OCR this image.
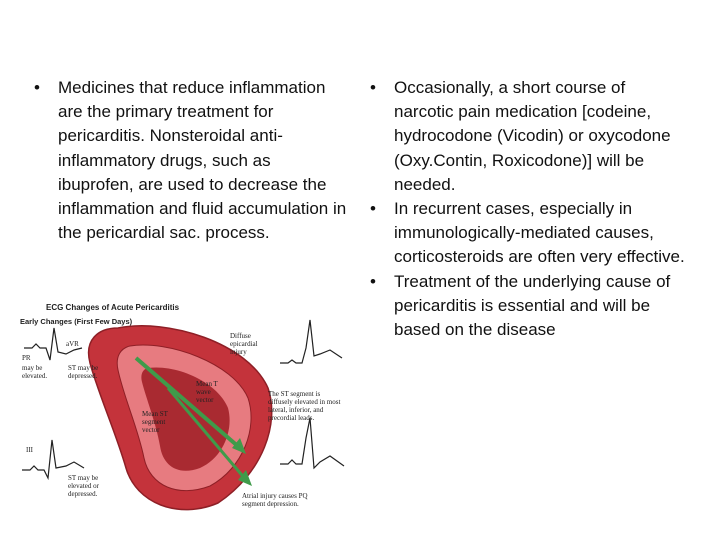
• Medicines that reduce inflammation are the primary treatment for pericarditis. Nonsteroidal anti-inflammatory drugs, such as ibuprofen, are used to decrease the inflammation and fluid accumulation in the pericardial sac. process.
• Occasionally, a short course of narcotic pain medication [codeine, hydrocodone (Vicodin) or oxycodone (Oxy.Contin, Roxicodone)] will be needed.
• In recurrent cases, especially in immunologically-mediated causes, corticosteroids are often very effective.
• Treatment of the underlying cause of pericarditis is essential and will be based on the disease
ECG Changes of Acute Pericarditis
Early Changes (First Few Days)
aVR
PR
may be elevated.
ST may be depressed.
Diffuse epicardial injury
Mean T wave vector
Mean ST segment vector
The ST segment is diffusely elevated in most lateral, inferior, and precordial leads.
III
ST may be elevated or depressed.	Atrial injury causes PQ segment depression.
